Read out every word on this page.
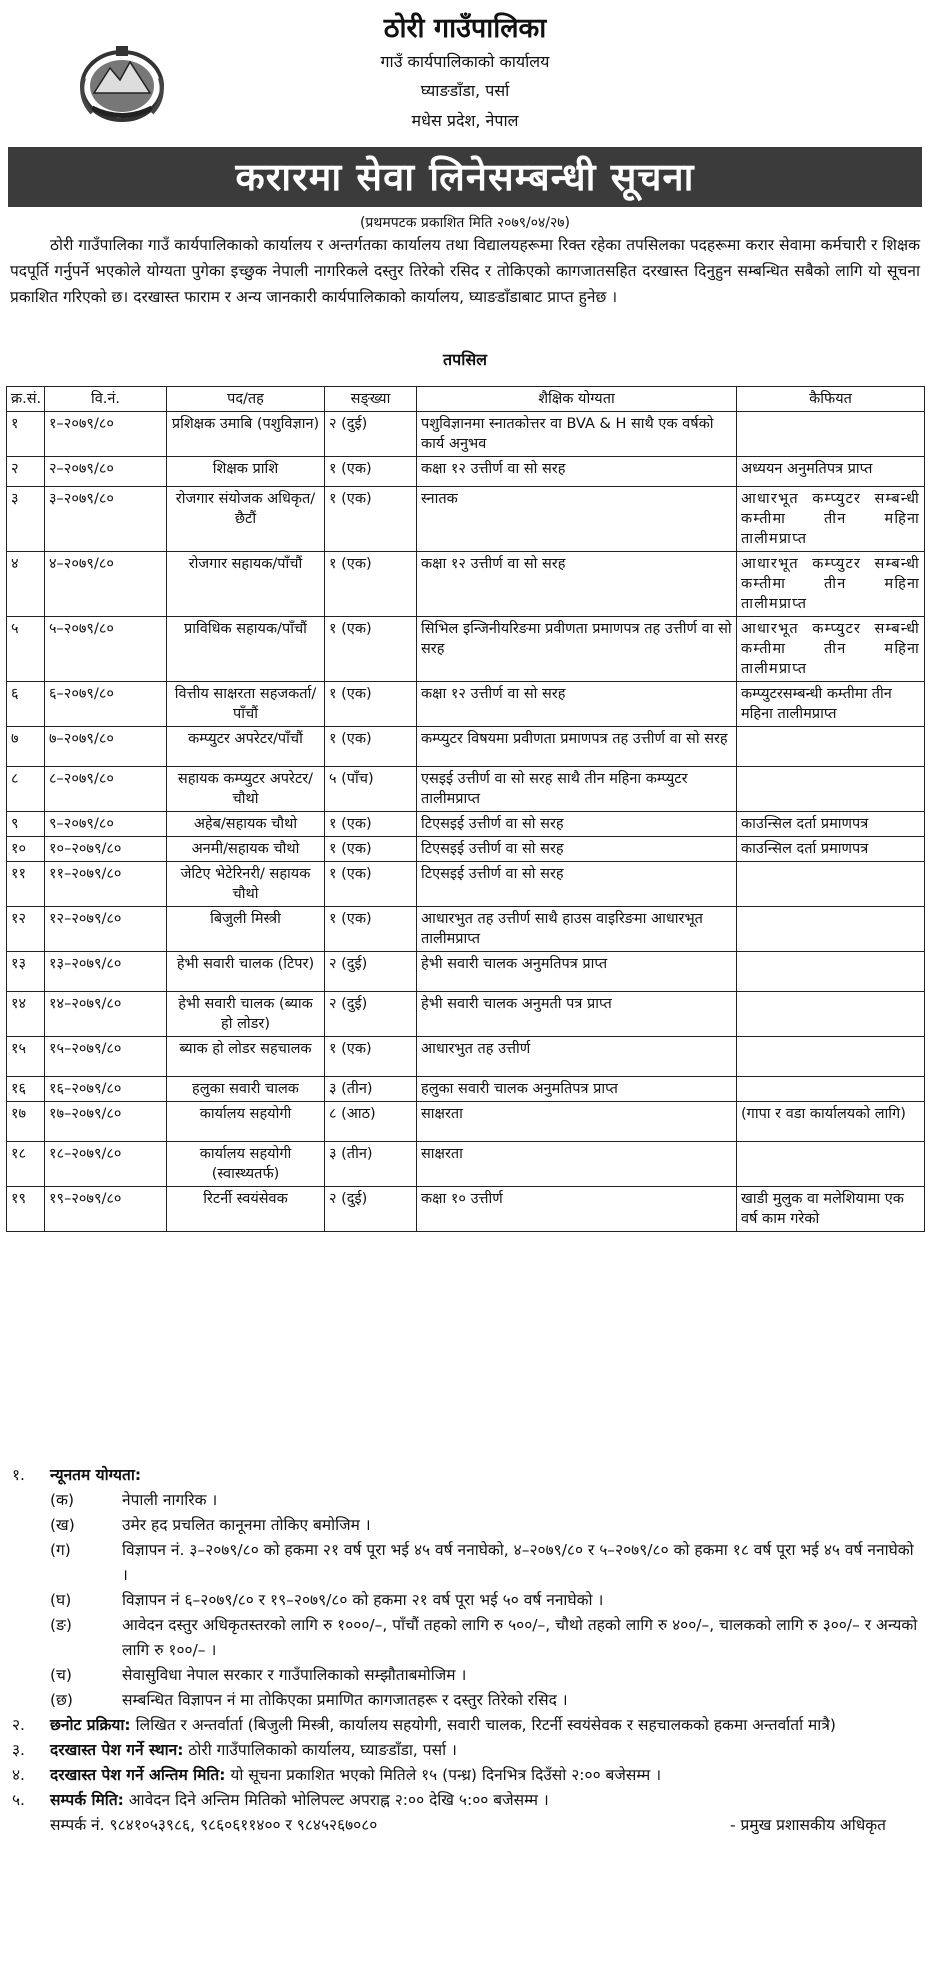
ठोरी गाउँपालिका
गाउँ कार्यपालिकाको कार्यालय
घ्याङडाँडा, पर्सा
मधेस प्रदेश, नेपाल
करारमा सेवा लिनेसम्बन्धी सूचना
(प्रथमपटक प्रकाशित मिति २०७९/०४/२७)
ठोरी गाउँपालिका गाउँ कार्यपालिकाको कार्यालय र अन्तर्गतका कार्यालय तथा विद्यालयहरूमा रिक्त रहेका तपसिलका पदहरूमा करार सेवामा कर्मचारी र शिक्षक पदपूर्ति गर्नुपर्ने भएकोले योग्यता पुगेका इच्छुक नेपाली नागरिकले दस्तुर तिरेको रसिद र तोकिएको कागजातसहित दरखास्त दिनुहुन सम्बन्धित सबैको लागि यो सूचना प्रकाशित गरिएको छ। दरखास्त फाराम र अन्य जानकारी कार्यपालिकाको कार्यालय, घ्याङडाँडाबाट प्राप्त हुनेछ ।
तपसिल
क्र.सं.	वि.नं.	पद/तह	सङ्ख्या	शैक्षिक योग्यता	कैफियत
१	१–२०७९/८०	प्रशिक्षक उमाबि (पशुविज्ञान)	२ (दुई)	पशुविज्ञानमा स्नातकोत्तर वा BVA & H साथै एक वर्षको कार्य अनुभव	
२	२–२०७९/८०	शिक्षक प्राशि	१ (एक)	कक्षा १२ उत्तीर्ण वा सो सरह	अध्ययन अनुमतिपत्र प्राप्त
३	३–२०७९/८०	रोजगार संयोजक अधिकृत/छैटौं	१ (एक)	स्नातक	आधारभूत कम्प्युटर सम्बन्धी कम्तीमा तीन महिना तालीमप्राप्त
४	४–२०७९/८०	रोजगार सहायक/पाँचौं	१ (एक)	कक्षा १२ उत्तीर्ण वा सो सरह	आधारभूत कम्प्युटर सम्बन्धी कम्तीमा तीन महिना तालीमप्राप्त
५	५–२०७९/८०	प्राविधिक सहायक/पाँचौं	१ (एक)	सिभिल इन्जिनीयरिङमा प्रवीणता प्रमाणपत्र तह उत्तीर्ण वा सो सरह	आधारभूत कम्प्युटर सम्बन्धी कम्तीमा तीन महिना तालीमप्राप्त
६	६–२०७९/८०	वित्तीय साक्षरता सहजकर्ता/पाँचौं	१ (एक)	कक्षा १२ उत्तीर्ण वा सो सरह	कम्प्युटरसम्बन्धी कम्तीमा तीन महिना तालीमप्राप्त
७	७–२०७९/८०	कम्प्युटर अपरेटर/पाँचौं	१ (एक)	कम्प्युटर विषयमा प्रवीणता प्रमाणपत्र तह उत्तीर्ण वा सो सरह	
८	८–२०७९/८०	सहायक कम्प्युटर अपरेटर/चौथो	५ (पाँच)	एसइई उत्तीर्ण वा सो सरह साथै तीन महिना कम्प्युटर तालीमप्राप्त	
९	९–२०७९/८०	अहेब/सहायक चौथो	१ (एक)	टिएसइई उत्तीर्ण वा सो सरह	काउन्सिल दर्ता प्रमाणपत्र
१०	१०–२०७९/८०	अनमी/सहायक चौथो	१ (एक)	टिएसइई उत्तीर्ण वा सो सरह	काउन्सिल दर्ता प्रमाणपत्र
११	११–२०७९/८०	जेटिए भेटेरिनरी/ सहायक चौथो	१ (एक)	टिएसइई उत्तीर्ण वा सो सरह	
१२	१२–२०७९/८०	बिजुली मिस्त्री	१ (एक)	आधारभुत तह उत्तीर्ण साथै हाउस वाइरिङमा आधारभूत तालीमप्राप्त	
१३	१३–२०७९/८०	हेभी सवारी चालक (टिपर)	२ (दुई)	हेभी सवारी चालक अनुमतिपत्र प्राप्त	
१४	१४–२०७९/८०	हेभी सवारी चालक (ब्याक हो लोडर)	२ (दुई)	हेभी सवारी चालक अनुमती पत्र प्राप्त	
१५	१५–२०७९/८०	ब्याक हो लोडर सहचालक	१ (एक)	आधारभुत तह उत्तीर्ण	
१६	१६–२०७९/८०	हलुका सवारी चालक	३ (तीन)	हलुका सवारी चालक अनुमतिपत्र प्राप्त	
१७	१७–२०७९/८०	कार्यालय सहयोगी	८ (आठ)	साक्षरता	(गापा र वडा कार्यालयको लागि)
१८	१८–२०७९/८०	कार्यालय सहयोगी (स्वास्थ्यतर्फ)	३ (तीन)	साक्षरता	
१९	१९–२०७९/८०	रिटर्नी स्वयंसेवक	२ (दुई)	कक्षा १० उत्तीर्ण	खाडी मुलुक वा मलेशियामा एक वर्ष काम गरेको
१. न्यूनतम योग्यता:
(क)	नेपाली नागरिक ।
(ख)	उमेर हद प्रचलित कानूनमा तोकिए बमोजिम ।
(ग)	विज्ञापन नं. ३–२०७९/८० को हकमा २१ वर्ष पूरा भई ४५ वर्ष ननाघेको, ४–२०७९/८० र ५–२०७९/८० को हकमा १८ वर्ष पूरा भई ४५ वर्ष ननाघेको ।
(घ)	विज्ञापन नं ६–२०७९/८० र १९–२०७९/८० को हकमा २१ वर्ष पूरा भई ५० वर्ष ननाघेको ।
(ङ)	आवेदन दस्तुर अधिकृतस्तरको लागि रु १०००/–, पाँचौं तहको लागि रु ५००/–, चौथो तहको लागि रु ४००/–, चालकको लागि रु ३००/– र अन्यको लागि रु १००/– ।
(च)	सेवासुविधा नेपाल सरकार र गाउँपालिकाको सम्झौताबमोजिम ।
(छ)	सम्बन्धित विज्ञापन नं मा तोकिएका प्रमाणित कागजातहरू र दस्तुर तिरेको रसिद ।
२. छनोट प्रक्रिया: लिखित र अन्तर्वार्ता (बिजुली मिस्त्री, कार्यालय सहयोगी, सवारी चालक, रिटर्नी स्वयंसेवक र सहचालकको हकमा अन्तर्वार्ता मात्रै)
३. दरखास्त पेश गर्ने स्थान: ठोरी गाउँपालिकाको कार्यालय, घ्याङडाँडा, पर्सा ।
४. दरखास्त पेश गर्ने अन्तिम मिति: यो सूचना प्रकाशित भएको मितिले १५ (पन्ध्र) दिनभित्र दिउँसो २:०० बजेसम्म ।
५. सम्पर्क मिति: आवेदन दिने अन्तिम मितिको भोलिपल्ट अपराह्न २:०० देखि ५:०० बजेसम्म ।
सम्पर्क नं. ९८४१०५३९८६, ९८६०६११४०० र ९८४५२६७०८०	- प्रमुख प्रशासकीय अधिकृत
